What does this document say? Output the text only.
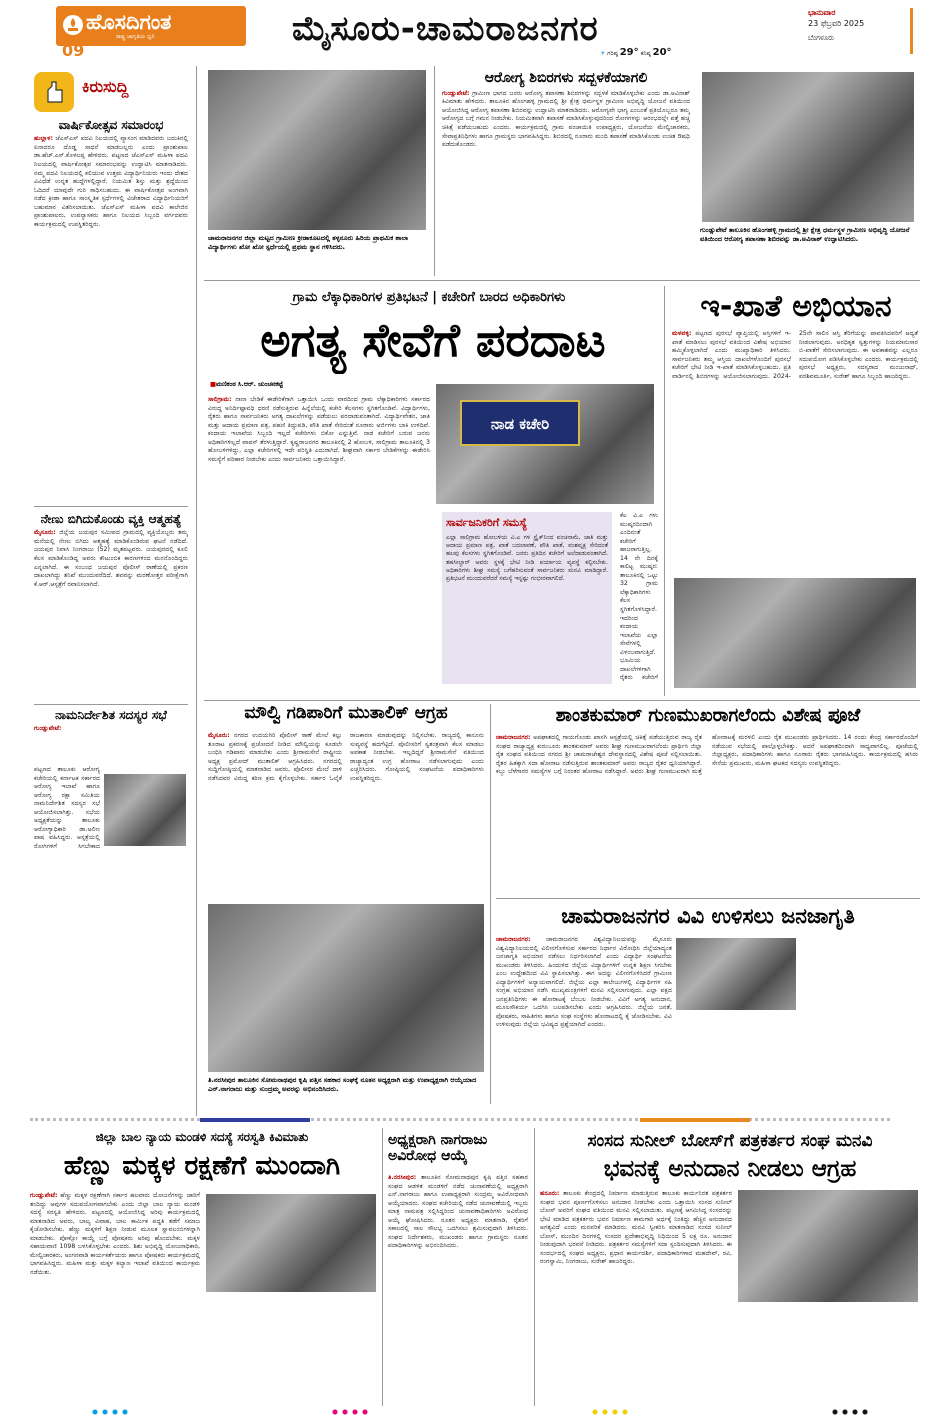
ಹೊಸದಿಗಂತ
ರಾಷ್ಟ್ರ ಜಾಗೃತಿಯ ಧ್ವನಿ
09
ಮೈಸೂರು-ಚಾಮರಾಜನಗರ
☀ ಗರಿಷ್ಠ 29° ಕನಿಷ್ಠ 20°
ಭಾನುವಾರ
23 ಫೆಬ್ರವರಿ 2025
ಬೆಂಗಳೂರು
ಕಿರುಸುದ್ದಿ
ವಾರ್ಷಿಕೋತ್ಸವ ಸಮಾರಂಭ
ಹುಲ್ಲಾಳ: ಜೆಎಸ್‌ಎಸ್ ಪದವಿ ನಿಲಯದಲ್ಲಿ ವ್ಯಾಸಂಗ ಮಾಡಿದವರು ಬದುಕಿನಲ್ಲಿ ಏನಾದರೂ ದೊಡ್ಡ ಸಾಧನೆ ಮಾಡಬಲ್ಲರು ಎಂದು ಪ್ರಾಂಶುಪಾಲ ಡಾ.ಹೆಚ್.ಎಸ್.ಕೊಳಲಪ್ಪ ಹೇಳಿದರು. ಪಟ್ಟಣದ ಜೆಎಸ್‌ಎಸ್ ಮಹಿಳಾ ಪದವಿ ನಿಲಯದಲ್ಲಿ ವಾರ್ಷಿಕೋತ್ಸವ ಸಮಾರಂಭವನ್ನು ಉದ್ಘಾಟಿಸಿ ಮಾತನಾಡಿದರು. ನಮ್ಮ ಪದವಿ ನಿಲಯದಲ್ಲಿ ಕಲಿಯುವ ಉತ್ತಮ ವಿದ್ಯಾರ್ಥಿನಿಯರು ಇಂದು ದೇಶದ ವಿವಿಧೆಡೆ ಉನ್ನತ ಹುದ್ದೆಗಳಲ್ಲಿದ್ದಾರೆ. ನಿಯಮಿತ ಶಿಸ್ತು ಮತ್ತು ಶ್ರದ್ಧೆಯಿಂದ ಓದಿದರೆ ಯಾವುದೇ ಗುರಿ ಸಾಧಿಸಬಹುದು. ಈ ವಾರ್ಷಿಕೋತ್ಸವ ಅಂಗವಾಗಿ ನಡೆದ ಕ್ರೀಡಾ ಹಾಗೂ ಸಾಂಸ್ಕೃತಿಕ ಸ್ಪರ್ಧೆಗಳಲ್ಲಿ ವಿಜೇತರಾದ ವಿದ್ಯಾರ್ಥಿನಿಯರಿಗೆ ಬಹುಮಾನ ವಿತರಿಸಲಾಯಿತು. ಜೆಎಸ್‌ಎಸ್ ಮಹಿಳಾ ಪದವಿ ಕಾಲೇಜಿನ ಪ್ರಾಂಶುಪಾಲರು, ಉಪನ್ಯಾಸಕರು ಹಾಗೂ ನಿಲಯದ ಸಿಬ್ಬಂದಿ ವರ್ಗದವರು ಕಾರ್ಯಕ್ರಮದಲ್ಲಿ ಉಪಸ್ಥಿತರಿದ್ದರು.
ನೇಣು ಬಿಗಿದುಕೊಂಡು ವ್ಯಕ್ತಿ ಆತ್ಮಹತ್ಯೆ
ಮೈಸೂರು: ಜಿಲ್ಲೆಯ ಜಯಪುರ ಸಮೀಪದ ಗ್ರಾಮದಲ್ಲಿ ವ್ಯಕ್ತಿಯೊಬ್ಬರು ತಮ್ಮ ಮನೆಯಲ್ಲಿ ನೇಣು ಬಿಗಿದು ಆತ್ಮಹತ್ಯೆ ಮಾಡಿಕೊಂಡಿರುವ ಘಟನೆ ನಡೆದಿದೆ. ಜಯಪುರ ನಿವಾಸಿ ನಿಂಗರಾಜು (52) ಮೃತಪಟ್ಟವರು. ಜಯಪುರದಲ್ಲಿ ಕೂಲಿ ಕೆಲಸ ಮಾಡಿಕೊಂಡಿದ್ದ ಅವರು ಕೌಟುಂಬಿಕ ಕಾರಣಗಳಿಂದ ಮನನೊಂದಿದ್ದರು ಎನ್ನಲಾಗಿದೆ. ಈ ಸಂಬಂಧ ಜಯಪುರ ಪೊಲೀಸ್ ಠಾಣೆಯಲ್ಲಿ ಪ್ರಕರಣ ದಾಖಲಾಗಿದ್ದು ತನಿಖೆ ಮುಂದುವರೆದಿದೆ. ಶವವನ್ನು ಮರಣೋತ್ತರ ಪರೀಕ್ಷೆಗಾಗಿ ಕೆ.ಆರ್.ಆಸ್ಪತ್ರೆಗೆ ರವಾನಿಸಲಾಗಿದೆ.
ನಾಮನಿರ್ದೇಶಿತ ಸದಸ್ಯರ ಸಭೆ
ಗುಂಡ್ಲುಪೇಟೆ:
ಪಟ್ಟಣದ ತಾಲೂಕು ಆರೋಗ್ಯ ಕಚೇರಿಯಲ್ಲಿ ಕರ್ನಾಟಕ ಸರ್ಕಾರದ ಆರೋಗ್ಯ ಇಲಾಖೆ ಹಾಗೂ ಆರೋಗ್ಯ ರಕ್ಷಾ ಸಮಿತಿಯ ನಾಮನಿರ್ದೇಶಿತ ಸದಸ್ಯರ ಸಭೆ ಆಯೋಜಿಸಲಾಗಿತ್ತು. ಸಭೆಯ ಅಧ್ಯಕ್ಷತೆಯನ್ನು ತಾಲೂಕು ಆರೋಗ್ಯಾಧಿಕಾರಿ ಡಾ.ಅಲೀಂ ಪಾಷ ವಹಿಸಿದ್ದರು. ಆಸ್ಪತ್ರೆಯಲ್ಲಿ ರೋಗಿಗಳಿಗೆ ಸಿಗಬೇಕಾದ
ಚಾಮರಾಜನಗರ ಜಿಲ್ಲಾ ಮಟ್ಟದ ಗ್ರಾಮೀಣ ಕ್ರೀಡಾಕೂಟದಲ್ಲಿ ತಳ್ಳನೂರು ಹಿರಿಯ ಪ್ರಾಥಮಿಕ ಶಾಲಾ ವಿದ್ಯಾರ್ಥಿಗಳು ಖೋ ಖೋ ಸ್ಪರ್ಧೆಯಲ್ಲಿ ಪ್ರಥಮ ಸ್ಥಾನ ಗಳಿಸಿದರು.
ಆರೋಗ್ಯ ಶಿಬಿರಗಳು ಸದ್ಬಳಕೆಯಾಗಲಿ
ಗುಂಡ್ಲುಪೇಟೆ: ಗ್ರಾಮೀಣ ಭಾಗದ ಜನರು ಆರೋಗ್ಯ ತಪಾಸಣಾ ಶಿಬಿರಗಳನ್ನು ಸದ್ಬಳಕೆ ಮಾಡಿಕೊಳ್ಳಬೇಕು ಎಂದು ಡಾ.ಅವಿನಾಶ್ ಕಿವಿಮಾತು ಹೇಳಿದರು. ತಾಲೂಕಿನ ಹೊಂಗಹಳ್ಳಿ ಗ್ರಾಮದಲ್ಲಿ ಶ್ರೀ ಕ್ಷೇತ್ರ ಧರ್ಮಸ್ಥಳ ಗ್ರಾಮೀಣ ಅಭಿವೃದ್ಧಿ ಯೋಜನೆ ವತಿಯಿಂದ ಆಯೋಜಿಸಿದ್ದ ಆರೋಗ್ಯ ತಪಾಸಣಾ ಶಿಬಿರವನ್ನು ಉದ್ಘಾಟಿಸಿ ಮಾತನಾಡಿದರು. ಆರೋಗ್ಯವೇ ಭಾಗ್ಯ ಎಂಬಂತೆ ಪ್ರತಿಯೊಬ್ಬರೂ ತಮ್ಮ ಆರೋಗ್ಯದ ಬಗ್ಗೆ ಗಮನ ನೀಡಬೇಕು. ನಿಯಮಿತವಾಗಿ ತಪಾಸಣೆ ಮಾಡಿಸಿಕೊಳ್ಳುವುದರಿಂದ ರೋಗಗಳನ್ನು ಆರಂಭದಲ್ಲೇ ಪತ್ತೆ ಹಚ್ಚಿ ಚಿಕಿತ್ಸೆ ಪಡೆಯಬಹುದು ಎಂದರು. ಕಾರ್ಯಕ್ರಮದಲ್ಲಿ ಗ್ರಾಮ ಪಂಚಾಯಿತಿ ಉಪಾಧ್ಯಕ್ಷರು, ಯೋಜನೆಯ ಮೇಲ್ವಿಚಾರಕರು, ಸೇವಾಪ್ರತಿನಿಧಿಗಳು ಹಾಗೂ ಗ್ರಾಮಸ್ಥರು ಭಾಗವಹಿಸಿದ್ದರು. ಶಿಬಿರದಲ್ಲಿ ನೂರಾರು ಮಂದಿ ತಪಾಸಣೆ ಮಾಡಿಸಿಕೊಂಡು ಉಚಿತ ಔಷಧಿ ಪಡೆದುಕೊಂಡರು.
ಗುಂಡ್ಲುಪೇಟೆ ತಾಲೂಕಿನ ಹೊಂಗಹಳ್ಳಿ ಗ್ರಾಮದಲ್ಲಿ ಶ್ರೀ ಕ್ಷೇತ್ರ ಧರ್ಮಸ್ಥಳ ಗ್ರಾಮೀಣ ಅಭಿವೃದ್ಧಿ ಯೋಜನೆ ವತಿಯಿಂದ ಆರೋಗ್ಯ ತಪಾಸಣಾ ಶಿಬಿರವನ್ನು ಡಾ.ಅವಿನಾಶ್ ಉದ್ಘಾಟಿಸಿದರು.
ಗ್ರಾಮ ಲೆಕ್ಕಾಧಿಕಾರಿಗಳ ಪ್ರತಿಭಟನೆ | ಕಚೇರಿಗೆ ಬಾರದ ಅಧಿಕಾರಿಗಳು
ಅಗತ್ಯ ಸೇವೆಗೆ ಪರದಾಟ
■ ಮಣಿಕಂಠ ಸಿ.ಆರ್. ಚುಂಚನಕಟ್ಟೆ
ಸಾಲಿಗ್ರಾಮ: ನಾನಾ ಬೇಡಿಕೆ ಈಡೇರಿಕೆಗಾಗಿ ಒತ್ತಾಯಿಸಿ ಒಂದು ವಾರದಿಂದ ಗ್ರಾಮ ಲೆಕ್ಕಾಧಿಕಾರಿಗಳು ಸರ್ಕಾರದ ವಿರುದ್ಧ ಅನಿರ್ದಿಷ್ಟಾವಧಿ ಧರಣಿ ನಡೆಸುತ್ತಿರುವ ಹಿನ್ನೆಲೆಯಲ್ಲಿ ಕಚೇರಿ ಕೆಲಸಗಳು ಸ್ಥಗಿತಗೊಂಡಿವೆ. ವಿದ್ಯಾರ್ಥಿಗಳು, ರೈತರು ಹಾಗೂ ಸಾರ್ವಜನಿಕರು ಅಗತ್ಯ ದಾಖಲೆಗಳನ್ನು ಪಡೆಯಲು ಪರದಾಡುವಂತಾಗಿದೆ. ವಿದ್ಯಾರ್ಥಿವೇತನ, ಜಾತಿ ಮತ್ತು ಆದಾಯ ಪ್ರಮಾಣ ಪತ್ರ, ಪಹಣಿ ತಿದ್ದುಪಡಿ, ಪೌತಿ ಖಾತೆ ಸೇರಿದಂತೆ ನೂರಾರು ಅರ್ಜಿಗಳು ಬಾಕಿ ಉಳಿದಿವೆ. ಕಂದಾಯ ಇಲಾಖೆಯ ಸಿಬ್ಬಂದಿ ಇಲ್ಲದೆ ಕಚೇರಿಗಳು ಬಿಕೋ ಎನ್ನುತ್ತಿವೆ. ನಾಡ ಕಚೇರಿಗೆ ಬರುವ ಜನರು ಅಧಿಕಾರಿಗಳಿಲ್ಲದೆ ವಾಪಸ್ ತೆರಳುತ್ತಿದ್ದಾರೆ. ಕೃಷ್ಣರಾಜನಗರ ತಾಲೂಕಿನಲ್ಲಿ 2 ಹೋಬಳಿ, ಸಾಲಿಗ್ರಾಮ ತಾಲೂಕಿನಲ್ಲಿ 3 ಹೋಬಳಿಗಳಿದ್ದು, ಎಲ್ಲಾ ಕಚೇರಿಗಳಲ್ಲಿ ಇದೇ ಪರಿಸ್ಥಿತಿ ಎದುರಾಗಿದೆ. ಶೀಘ್ರವಾಗಿ ಸರ್ಕಾರ ಬೇಡಿಕೆಗಳನ್ನು ಈಡೇರಿಸಿ ಸಮಸ್ಯೆಗೆ ಪರಿಹಾರ ನೀಡಬೇಕು ಎಂದು ಸಾರ್ವಜನಿಕರು ಒತ್ತಾಯಿಸಿದ್ದಾರೆ.
ನಾಡ ಕಚೇರಿ
ಸಾರ್ವಜನಿಕರಿಗೆ ಸಮಸ್ಯೆ
ಎಲ್ಲಾ ಸಾಲಿಗ್ರಾಮ ಹೋಬಳಿಯ ವಿ.ಎ ಗಳ ಸ್ಟ್ರೈಕ್‌ನಿಂದ ಪಂಚನಾಮೆ, ಜಾತಿ ಮತ್ತು ಆದಾಯ ಪ್ರಮಾಣ ಪತ್ರ, ಖಾತೆ ಬದಲಾವಣೆ, ಪೌತಿ ಖಾತೆ, ವಂಶವೃಕ್ಷ ಸೇರಿದಂತೆ ಹಲವು ಕೆಲಸಗಳು ಸ್ಥಗಿತಗೊಂಡಿವೆ. ಜನರು ಪ್ರತಿದಿನ ಕಚೇರಿಗೆ ಅಲೆದಾಡುವಂತಾಗಿದೆ. ತಹಸೀಲ್ದಾರ್ ಅವರು ಸ್ಥಳಕ್ಕೆ ಭೇಟಿ ನೀಡಿ ಪರ್ಯಾಯ ವ್ಯವಸ್ಥೆ ಕಲ್ಪಿಸಬೇಕು. ಅಧಿಕಾರಿಗಳು ಶೀಘ್ರ ಸಮಸ್ಯೆ ಬಗೆಹರಿಸುವಂತೆ ಸಾರ್ವಜನಿಕರು ಮನವಿ ಮಾಡಿದ್ದಾರೆ. ಪ್ರತಿಭಟನೆ ಮುಂದುವರೆದರೆ ಸಮಸ್ಯೆ ಇನ್ನಷ್ಟು ಗಂಭೀರವಾಗಲಿದೆ.
ಕೆಲ ವಿ.ಎ ಗಳು ಮುಷ್ಕರದಿಂದಾಗಿ ಎಂದಿನಂತೆ ಕಚೇರಿಗೆ ಹಾಜರಾಗುತ್ತಿಲ್ಲ. 14 ನೇ ದಿನಕ್ಕೆ ಕಾಲಿಟ್ಟ ಮುಷ್ಕರ: ತಾಲೂಕಿನಲ್ಲಿ ಒಟ್ಟು 32 ಗ್ರಾಮ ಲೆಕ್ಕಾಧಿಕಾರಿಗಳು ಕೆಲಸ ಸ್ಥಗಿತಗೊಳಿಸಿದ್ದಾರೆ. ಇದರಿಂದ ಕಂದಾಯ ಇಲಾಖೆಯ ಎಲ್ಲಾ ಸೇವೆಗಳಲ್ಲಿ ವಿಳಂಬವಾಗುತ್ತಿದೆ. ಭೂಮಿಯ ದಾಖಲೆಗಳಿಗಾಗಿ ರೈತರು ಕಚೇರಿಗೆ
ಇ-ಖಾತೆ ಅಭಿಯಾನ
ಮಳವಳ್ಳಿ: ಪಟ್ಟಣದ ಪುರಸಭೆ ವ್ಯಾಪ್ತಿಯಲ್ಲಿ ಆಸ್ತಿಗಳಿಗೆ ಇ-ಖಾತೆ ಮಾಡಿಸಲು ಪುರಸಭೆ ವತಿಯಿಂದ ವಿಶೇಷ ಅಭಿಯಾನ ಹಮ್ಮಿಕೊಳ್ಳಲಾಗಿದೆ ಎಂದು ಮುಖ್ಯಾಧಿಕಾರಿ ತಿಳಿಸಿದರು. ಸಾರ್ವಜನಿಕರು ತಮ್ಮ ಆಸ್ತಿಯ ದಾಖಲೆಗಳೊಂದಿಗೆ ಪುರಸಭೆ ಕಚೇರಿಗೆ ಭೇಟಿ ನೀಡಿ ಇ-ಖಾತೆ ಮಾಡಿಸಿಕೊಳ್ಳಬಹುದು. ಪ್ರತಿ ವಾರ್ಡಿನಲ್ಲಿ ಶಿಬಿರಗಳನ್ನು ಆಯೋಜಿಸಲಾಗುವುದು. 2024-25ನೇ ಸಾಲಿನ ಆಸ್ತಿ ತೆರಿಗೆಯನ್ನು ಪಾವತಿಸಿದವರಿಗೆ ಆದ್ಯತೆ ನೀಡಲಾಗುವುದು. ಅನಧಿಕೃತ ಸ್ವತ್ತುಗಳನ್ನು ನಿಯಮಾನುಸಾರ ಬಿ-ಖಾತೆಗೆ ಸೇರಿಸಲಾಗುವುದು. ಈ ಅವಕಾಶವನ್ನು ಎಲ್ಲರೂ ಸದುಪಯೋಗ ಪಡಿಸಿಕೊಳ್ಳಬೇಕು ಎಂದರು. ಕಾರ್ಯಕ್ರಮದಲ್ಲಿ ಪುರಸಭೆ ಅಧ್ಯಕ್ಷರು, ಸದಸ್ಯರಾದ ಮಂಜುನಾಥ್, ಪರಶಿವಮೂರ್ತಿ, ಸುರೇಶ್ ಹಾಗೂ ಸಿಬ್ಬಂದಿ ಹಾಜರಿದ್ದರು.
ಮೌಲ್ವಿ ಗಡಿಪಾರಿಗೆ ಮುತಾಲಿಕ್ ಆಗ್ರಹ
ಮೈಸೂರು: ನಗರದ ಉದಯಗಿರಿ ಪೊಲೀಸ್ ಠಾಣೆ ಮೇಲೆ ಕಲ್ಲು ತೂರಾಟ ಪ್ರಕರಣಕ್ಕೆ ಪ್ರಚೋದನೆ ನೀಡಿದ ಮೌಲ್ವಿಯನ್ನು ಕೂಡಲೇ ಬಂಧಿಸಿ ಗಡಿಪಾರು ಮಾಡಬೇಕು ಎಂದು ಶ್ರೀರಾಮಸೇನೆ ರಾಷ್ಟ್ರೀಯ ಅಧ್ಯಕ್ಷ ಪ್ರಮೋದ್ ಮುತಾಲಿಕ್ ಆಗ್ರಹಿಸಿದರು. ನಗರದಲ್ಲಿ ಸುದ್ದಿಗೋಷ್ಠಿಯಲ್ಲಿ ಮಾತನಾಡಿದ ಅವರು, ಪೊಲೀಸರ ಮೇಲೆ ದಾಳಿ ನಡೆಸಿದವರ ವಿರುದ್ಧ ಕಠಿಣ ಕ್ರಮ ಕೈಗೊಳ್ಳಬೇಕು. ಸರ್ಕಾರ ಓಲೈಕೆ ರಾಜಕಾರಣ ಮಾಡುವುದನ್ನು ನಿಲ್ಲಿಸಬೇಕು. ರಾಜ್ಯದಲ್ಲಿ ಕಾನೂನು ಸುವ್ಯವಸ್ಥೆ ಹದಗೆಟ್ಟಿದೆ. ಪೊಲೀಸರಿಗೆ ಸ್ವತಂತ್ರವಾಗಿ ಕೆಲಸ ಮಾಡಲು ಅವಕಾಶ ನೀಡಬೇಕು. ಇಲ್ಲದಿದ್ದರೆ ಶ್ರೀರಾಮಸೇನೆ ವತಿಯಿಂದ ರಾಜ್ಯಾದ್ಯಂತ ಉಗ್ರ ಹೋರಾಟ ನಡೆಸಲಾಗುವುದು ಎಂದು ಎಚ್ಚರಿಸಿದರು. ಗೋಷ್ಠಿಯಲ್ಲಿ ಸಂಘಟನೆಯ ಪದಾಧಿಕಾರಿಗಳು ಉಪಸ್ಥಿತರಿದ್ದರು.
ಶಾಂತಕುಮಾರ್ ಗುಣಮುಖರಾಗಲೆಂದು ವಿಶೇಷ ಪೂಜೆ
ಚಾಮರಾಜನಗರ: ಅಪಘಾತದಲ್ಲಿ ಗಾಯಗೊಂಡು ಖಾಸಗಿ ಆಸ್ಪತ್ರೆಯಲ್ಲಿ ಚಿಕಿತ್ಸೆ ಪಡೆಯುತ್ತಿರುವ ರಾಜ್ಯ ರೈತ ಸಂಘದ ರಾಜ್ಯಾಧ್ಯಕ್ಷ ಕುರುಬೂರು ಶಾಂತಕುಮಾರ್ ಅವರು ಶೀಘ್ರ ಗುಣಮುಖರಾಗಲೆಂದು ಪ್ರಾರ್ಥಿಸಿ ಜಿಲ್ಲಾ ರೈತ ಸಂಘದ ವತಿಯಿಂದ ನಗರದ ಶ್ರೀ ಚಾಮರಾಜೇಶ್ವರ ದೇವಸ್ಥಾನದಲ್ಲಿ ವಿಶೇಷ ಪೂಜೆ ಸಲ್ಲಿಸಲಾಯಿತು. ರೈತರ ಹಿತಕ್ಕಾಗಿ ಸದಾ ಹೋರಾಟ ನಡೆಸುತ್ತಿರುವ ಶಾಂತಕುಮಾರ್ ಅವರು ರಾಜ್ಯದ ರೈತರ ಧ್ವನಿಯಾಗಿದ್ದಾರೆ. ಕಬ್ಬು ಬೆಳೆಗಾರರ ಸಮಸ್ಯೆಗಳ ಬಗ್ಗೆ ನಿರಂತರ ಹೋರಾಟ ನಡೆಸಿದ್ದಾರೆ. ಅವರು ಶೀಘ್ರ ಗುಣಮುಖರಾಗಿ ಮತ್ತೆ ಹೋರಾಟಕ್ಕೆ ಮರಳಲಿ ಎಂದು ರೈತ ಮುಖಂಡರು ಪ್ರಾರ್ಥಿಸಿದರು. 14 ರಂದು ಕೇಂದ್ರ ಸರ್ಕಾರದೊಂದಿಗೆ ನಡೆಯುವ ಸಭೆಯಲ್ಲಿ ಪಾಲ್ಗೊಳ್ಳಬೇಕಿತ್ತು. ಆದರೆ ಅಪಘಾತದಿಂದಾಗಿ ಸಾಧ್ಯವಾಗಲಿಲ್ಲ. ಪೂಜೆಯಲ್ಲಿ ಜಿಲ್ಲಾಧ್ಯಕ್ಷರು, ಪದಾಧಿಕಾರಿಗಳು ಹಾಗೂ ನೂರಾರು ರೈತರು ಭಾಗವಹಿಸಿದ್ದರು. ಕಾರ್ಯಕ್ರಮದಲ್ಲಿ ಹಸಿರು ಸೇನೆಯ ಪ್ರಮುಖರು, ಮಹಿಳಾ ಘಟಕದ ಸದಸ್ಯರು ಉಪಸ್ಥಿತರಿದ್ದರು.
ತಿ.ನರಸೀಪುರ ತಾಲೂಕಿನ ಸೋಮನಾಥಪುರ ಕೃಷಿ ಪತ್ತಿನ ಸಹಕಾರ ಸಂಘಕ್ಕೆ ನೂತನ ಅಧ್ಯಕ್ಷರಾಗಿ ಮತ್ತು ಉಪಾಧ್ಯಕ್ಷರಾಗಿ ಆಯ್ಕೆಯಾದ ಎನ್.ನಾಗರಾಜು ಮತ್ತು ಸುಂದ್ರಮ್ಮ ಅವರನ್ನು ಅಭಿನಂದಿಸಿದರು.
ಚಾಮರಾಜನಗರ ವಿವಿ ಉಳಿಸಲು ಜನಜಾಗೃತಿ
ಚಾಮರಾಜನಗರ:	ಚಾಮರಾಜನಗರ ವಿಶ್ವವಿದ್ಯಾನಿಲಯವನ್ನು ಮೈಸೂರು ವಿಶ್ವವಿದ್ಯಾನಿಲಯದಲ್ಲಿ ವಿಲೀನಗೊಳಿಸುವ ಸರ್ಕಾರದ ನಿರ್ಧಾರ ವಿರೋಧಿಸಿ ಜಿಲ್ಲೆಯಾದ್ಯಂತ ಜನಜಾಗೃತಿ ಅಭಿಯಾನ ನಡೆಸಲು ನಿರ್ಧರಿಸಲಾಗಿದೆ ಎಂದು ವಿದ್ಯಾರ್ಥಿ ಸಂಘಟನೆಯ ಮುಖಂಡರು ತಿಳಿಸಿದರು. ಹಿಂದುಳಿದ ಜಿಲ್ಲೆಯ ವಿದ್ಯಾರ್ಥಿಗಳಿಗೆ ಉನ್ನತ ಶಿಕ್ಷಣ ಸಿಗಬೇಕು ಎಂಬ ಉದ್ದೇಶದಿಂದ ವಿವಿ ಸ್ಥಾಪಿಸಲಾಗಿತ್ತು. ಈಗ ಅದನ್ನು ವಿಲೀನಗೊಳಿಸಿದರೆ ಗ್ರಾಮೀಣ ವಿದ್ಯಾರ್ಥಿಗಳಿಗೆ ಅನ್ಯಾಯವಾಗಲಿದೆ. ಜಿಲ್ಲೆಯ ಎಲ್ಲಾ ಕಾಲೇಜುಗಳಲ್ಲಿ ವಿದ್ಯಾರ್ಥಿಗಳ ಸಹಿ ಸಂಗ್ರಹ ಅಭಿಯಾನ ನಡೆಸಿ ಮುಖ್ಯಮಂತ್ರಿಗಳಿಗೆ ಮನವಿ ಸಲ್ಲಿಸಲಾಗುವುದು. ಎಲ್ಲಾ ಪಕ್ಷದ ಜನಪ್ರತಿನಿಧಿಗಳು ಈ ಹೋರಾಟಕ್ಕೆ ಬೆಂಬಲ ನೀಡಬೇಕು. ವಿವಿಗೆ ಅಗತ್ಯ ಅನುದಾನ, ಮೂಲಸೌಕರ್ಯ ಒದಗಿಸಿ ಬಲಪಡಿಸಬೇಕು ಎಂದು ಆಗ್ರಹಿಸಿದರು. ಜಿಲ್ಲೆಯ ಜನತೆ, ಪೋಷಕರು, ಸಾಹಿತಿಗಳು ಹಾಗೂ ಸಂಘ ಸಂಸ್ಥೆಗಳು ಹೋರಾಟದಲ್ಲಿ ಕೈ ಜೋಡಿಸಬೇಕು. ವಿವಿ ಉಳಿಸುವುದು ಜಿಲ್ಲೆಯ ಭವಿಷ್ಯದ ಪ್ರಶ್ನೆಯಾಗಿದೆ ಎಂದರು.
ಜಿಲ್ಲಾ ಬಾಲ ನ್ಯಾಯ ಮಂಡಳಿ ಸದಸ್ಯೆ ಸರಸ್ವತಿ ಕಿವಿಮಾತು
ಹೆಣ್ಣು ಮಕ್ಕಳ ರಕ್ಷಣೆಗೆ ಮುಂದಾಗಿ
ಗುಂಡ್ಲುಪೇಟೆ: ಹೆಣ್ಣು ಮಕ್ಕಳ ರಕ್ಷಣೆಗಾಗಿ ಸರ್ಕಾರ ಹಲವಾರು ಯೋಜನೆಗಳನ್ನು ಜಾರಿಗೆ ತಂದಿದ್ದು ಅವುಗಳ ಸದುಪಯೋಗವಾಗಬೇಕು ಎಂದು ಜಿಲ್ಲಾ ಬಾಲ ನ್ಯಾಯ ಮಂಡಳಿ ಸದಸ್ಯೆ ಸರಸ್ವತಿ ಹೇಳಿದರು. ಪಟ್ಟಣದಲ್ಲಿ ಆಯೋಜಿಸಿದ್ದ ಅರಿವು ಕಾರ್ಯಕ್ರಮದಲ್ಲಿ ಮಾತನಾಡಿದ ಅವರು, ಬಾಲ್ಯ ವಿವಾಹ, ಬಾಲ ಕಾರ್ಮಿಕ ಪದ್ಧತಿ ತಡೆಗೆ ಸಮಾಜ ಕೈಜೋಡಿಸಬೇಕು. ಹೆಣ್ಣು ಮಕ್ಕಳಿಗೆ ಶಿಕ್ಷಣ ನೀಡುವ ಮೂಲಕ ಸ್ವಾವಲಂಬಿಗಳನ್ನಾಗಿ ಮಾಡಬೇಕು. ಪೋಕ್ಸೋ ಕಾಯ್ದೆ ಬಗ್ಗೆ ಪೋಷಕರು ಅರಿವು ಹೊಂದಬೇಕು. ಮಕ್ಕಳ ಸಹಾಯವಾಣಿ 1098 ಬಳಸಿಕೊಳ್ಳಬೇಕು ಎಂದರು. ಶಿಶು ಅಭಿವೃದ್ಧಿ ಯೋಜನಾಧಿಕಾರಿ, ಮೇಲ್ವಿಚಾರಕರು, ಅಂಗನವಾಡಿ ಕಾರ್ಯಕರ್ತೆಯರು ಹಾಗೂ ಪೋಷಕರು ಕಾರ್ಯಕ್ರಮದಲ್ಲಿ ಭಾಗವಹಿಸಿದ್ದರು. ಮಹಿಳಾ ಮತ್ತು ಮಕ್ಕಳ ಕಲ್ಯಾಣ ಇಲಾಖೆ ವತಿಯಿಂದ ಕಾರ್ಯಕ್ರಮ ನಡೆಯಿತು.
ಅಧ್ಯಕ್ಷರಾಗಿ ನಾಗರಾಜು ಅವಿರೋಧ ಆಯ್ಕೆ
ತಿ.ನರಸೀಪುರ: ತಾಲೂಕಿನ ಸೋಮನಾಥಪುರ ಕೃಷಿ ಪತ್ತಿನ ಸಹಕಾರ ಸಂಘದ ಆಡಳಿತ ಮಂಡಳಿಗೆ ನಡೆದ ಚುನಾವಣೆಯಲ್ಲಿ ಅಧ್ಯಕ್ಷರಾಗಿ ಎನ್.ನಾಗರಾಜು ಹಾಗೂ ಉಪಾಧ್ಯಕ್ಷರಾಗಿ ಸುಂದ್ರಮ್ಮ ಅವಿರೋಧವಾಗಿ ಆಯ್ಕೆಯಾದರು. ಸಂಘದ ಕಚೇರಿಯಲ್ಲಿ ನಡೆದ ಚುನಾವಣೆಯಲ್ಲಿ ಇಬ್ಬರು ಮಾತ್ರ ನಾಮಪತ್ರ ಸಲ್ಲಿಸಿದ್ದರಿಂದ ಚುನಾವಣಾಧಿಕಾರಿಗಳು ಅವಿರೋಧ ಆಯ್ಕೆ ಘೋಷಿಸಿದರು. ನೂತನ ಅಧ್ಯಕ್ಷರು ಮಾತನಾಡಿ, ರೈತರಿಗೆ ಸಕಾಲದಲ್ಲಿ ಸಾಲ ಸೌಲಭ್ಯ ಒದಗಿಸಲು ಶ್ರಮಿಸುವುದಾಗಿ ತಿಳಿಸಿದರು. ಸಂಘದ ನಿರ್ದೇಶಕರು, ಮುಖಂಡರು ಹಾಗೂ ಗ್ರಾಮಸ್ಥರು ನೂತನ ಪದಾಧಿಕಾರಿಗಳನ್ನು ಅಭಿನಂದಿಸಿದರು.
ಸಂಸದ ಸುನೀಲ್ ಬೋಸ್‌ಗೆ ಪತ್ರಕರ್ತರ ಸಂಘ ಮನವಿ
ಭವನಕ್ಕೆ ಅನುದಾನ ನೀಡಲು ಆಗ್ರಹ
ಹನೂರು: ತಾಲೂಕು ಕೇಂದ್ರದಲ್ಲಿ ನಿರ್ಮಾಣ ಮಾಡುತ್ತಿರುವ ತಾಲೂಕು ಕಾರ್ಯನಿರತ ಪತ್ರಕರ್ತರ ಸಂಘದ ಭವನ ಪೂರ್ಣಗೊಳಿಸಲು ಅನುದಾನ ನೀಡಬೇಕು ಎಂದು ಒತ್ತಾಯಿಸಿ ಸಂಸದ ಸುನೀಲ್ ಬೋಸ್ ಅವರಿಗೆ ಸಂಘದ ವತಿಯಿಂದ ಮನವಿ ಸಲ್ಲಿಸಲಾಯಿತು. ಪಟ್ಟಣಕ್ಕೆ ಆಗಮಿಸಿದ್ದ ಸಂಸದರನ್ನು ಭೇಟಿ ಮಾಡಿದ ಪತ್ರಕರ್ತರು ಭವನ ನಿರ್ಮಾಣ ಕಾಮಗಾರಿ ಅರ್ಧಕ್ಕೆ ನಿಂತಿದ್ದು ಹೆಚ್ಚಿನ ಅನುದಾನದ ಅಗತ್ಯವಿದೆ ಎಂದು ಮನವರಿಕೆ ಮಾಡಿದರು. ಮನವಿ ಸ್ವೀಕರಿಸಿ ಮಾತನಾಡಿದ ಸಂಸದ ಸುನೀಲ್ ಬೋಸ್, ಮುಂದಿನ ದಿನಗಳಲ್ಲಿ ಸಂಸದರ ಪ್ರದೇಶಾಭಿವೃದ್ಧಿ ನಿಧಿಯಿಂದ 5 ಲಕ್ಷ ರೂ. ಅನುದಾನ ನೀಡುವುದಾಗಿ ಭರವಸೆ ನೀಡಿದರು. ಪತ್ರಕರ್ತರ ಸಮಸ್ಯೆಗಳಿಗೆ ಸದಾ ಸ್ಪಂದಿಸುವುದಾಗಿ ತಿಳಿಸಿದರು. ಈ ಸಂದರ್ಭದಲ್ಲಿ ಸಂಘದ ಅಧ್ಯಕ್ಷರು, ಪ್ರಧಾನ ಕಾರ್ಯದರ್ಶಿ, ಪದಾಧಿಕಾರಿಗಳಾದ ಮಹದೇವ್, ರವಿ, ರಂಗಸ್ವಾಮಿ, ನಿಂಗರಾಜು, ಸುರೇಶ್ ಹಾಜರಿದ್ದರು.
